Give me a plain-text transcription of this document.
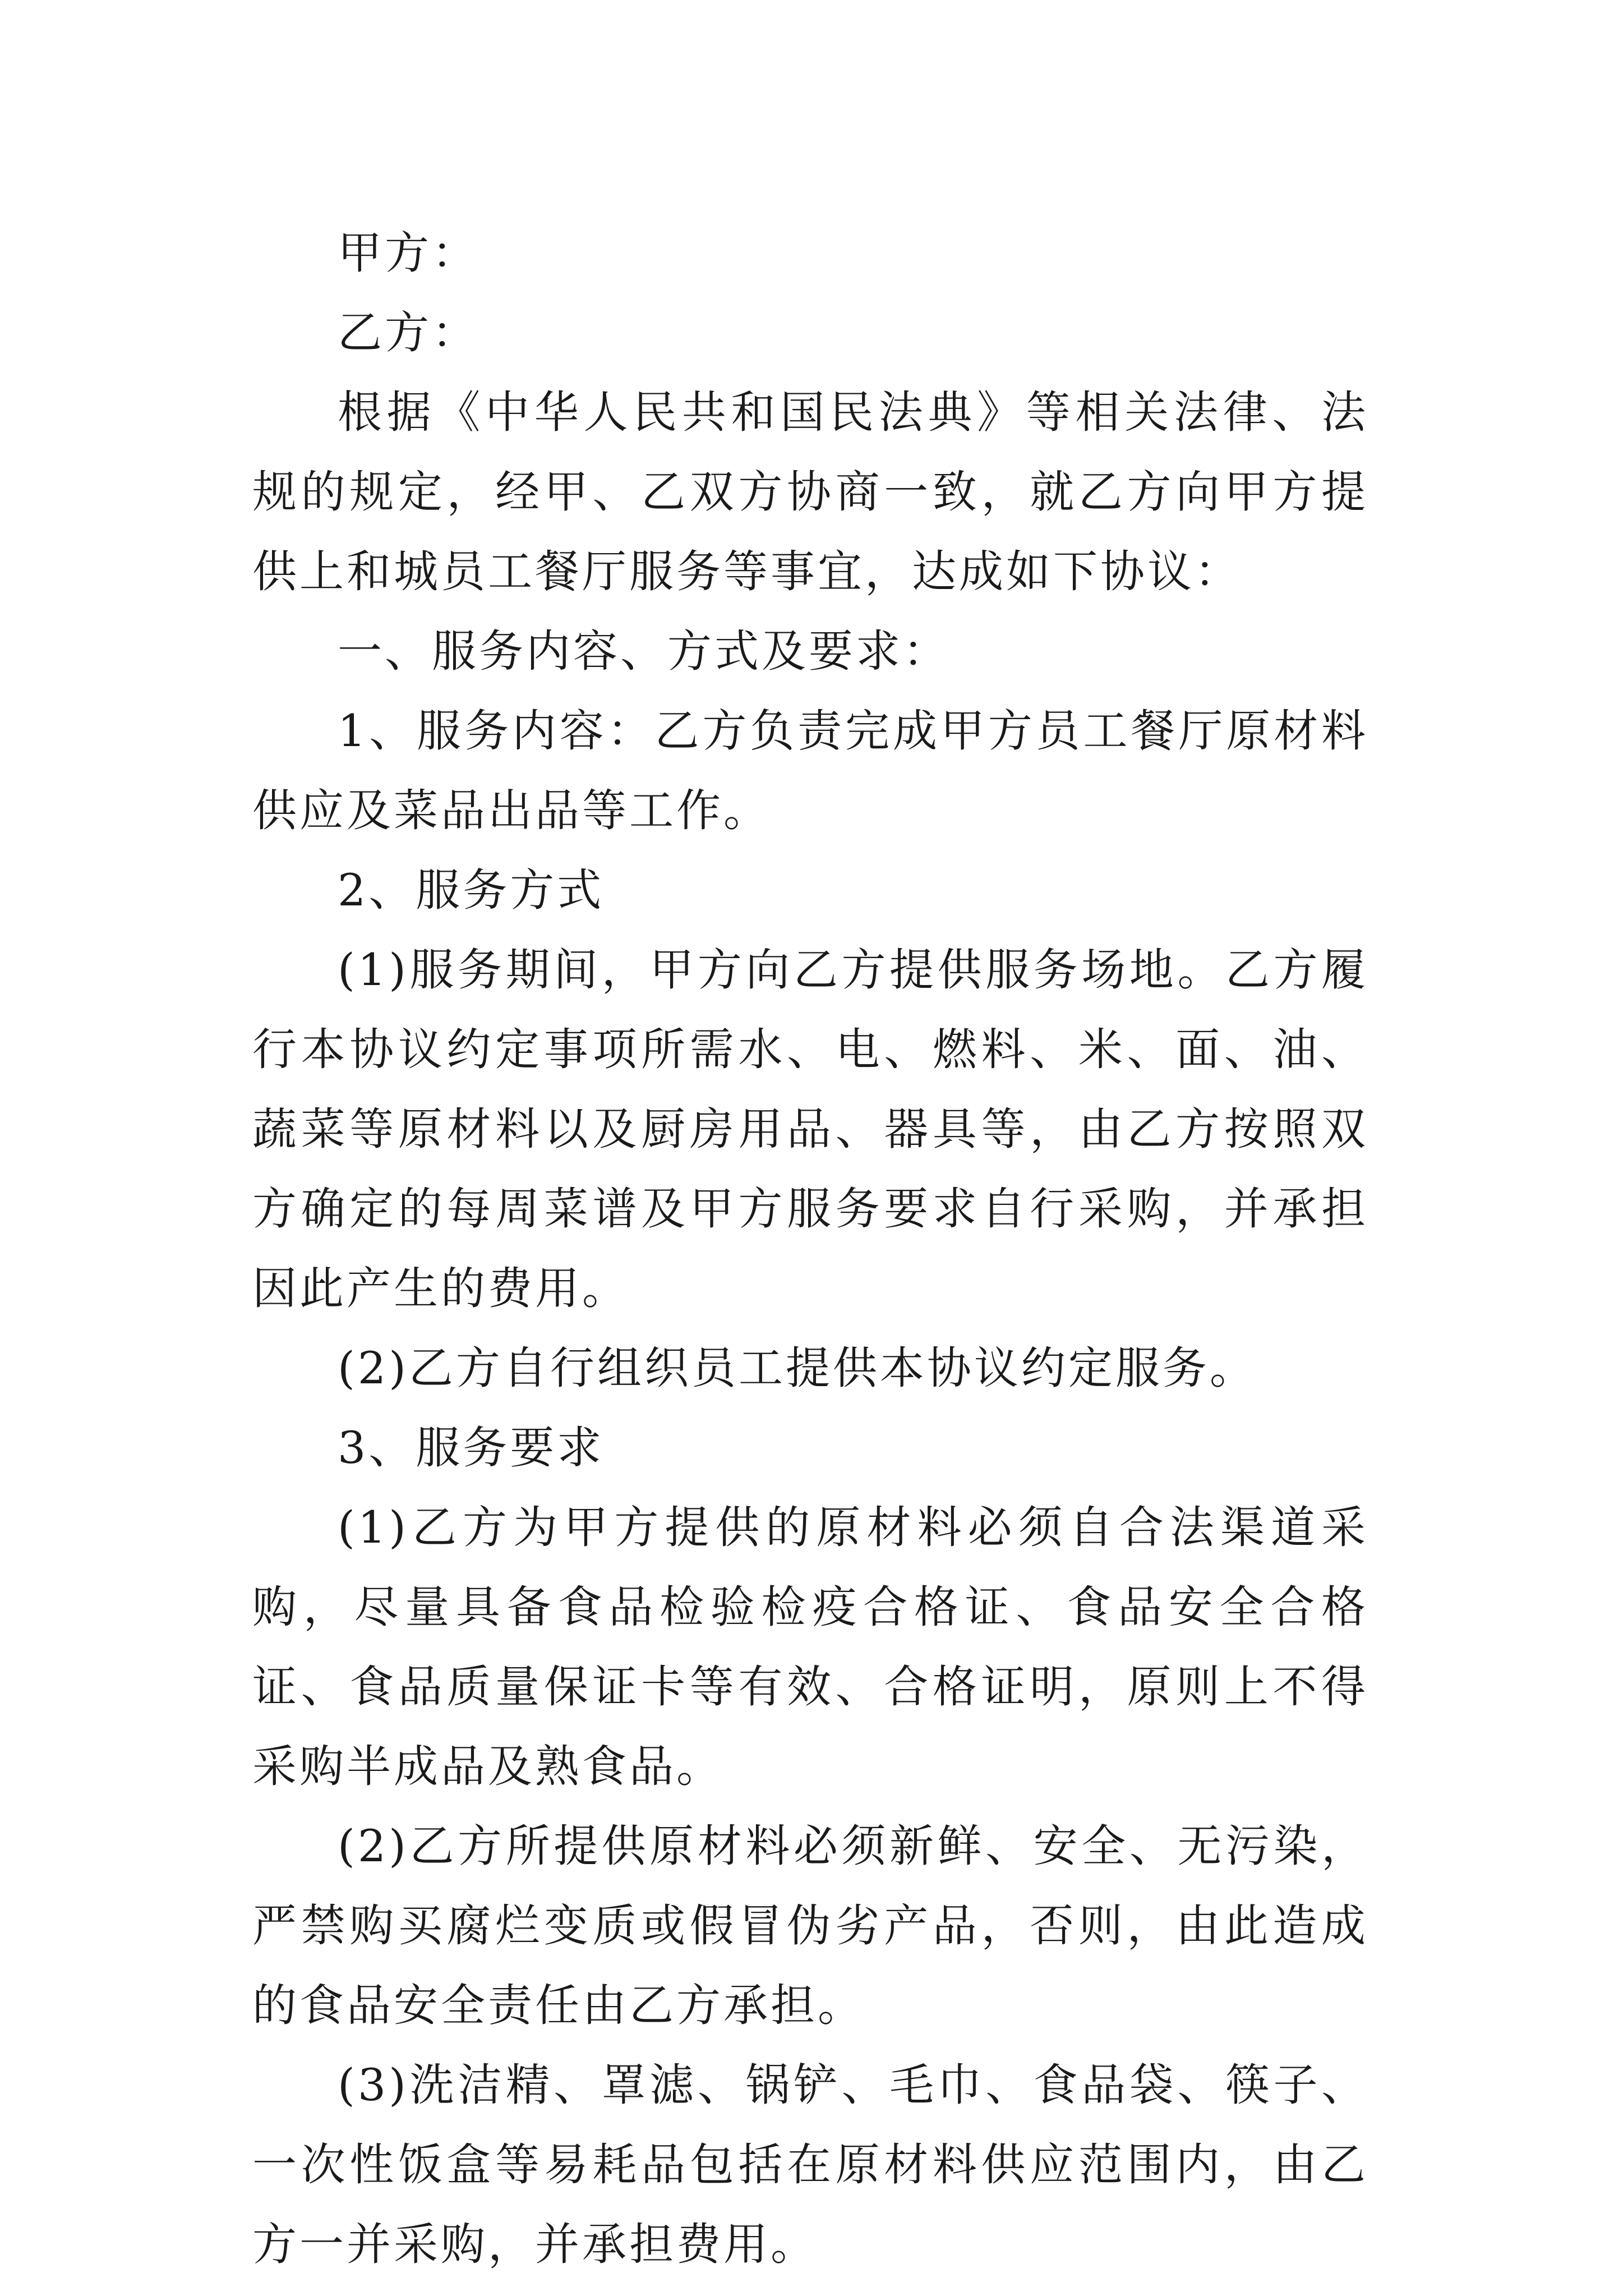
甲方：

乙方：

根据《中华人民共和国民法典》等相关法律、法规的规定，经甲、乙双方协商一致，就乙方向甲方提供上和城员工餐厅服务等事宜，达成如下协议：

一、服务内容、方式及要求：

1、服务内容：乙方负责完成甲方员工餐厅原材料供应及菜品出品等工作。

2、服务方式

(1)服务期间，甲方向乙方提供服务场地。乙方履行本协议约定事项所需水、电、燃料、米、面、油、蔬菜等原材料以及厨房用品、器具等，由乙方按照双方确定的每周菜谱及甲方服务要求自行采购，并承担因此产生的费用。

(2)乙方自行组织员工提供本协议约定服务。

3、服务要求

(1)乙方为甲方提供的原材料必须自合法渠道采购，尽量具备食品检验检疫合格证、食品安全合格证、食品质量保证卡等有效、合格证明，原则上不得采购半成品及熟食品。

(2)乙方所提供原材料必须新鲜、安全、无污染，严禁购买腐烂变质或假冒伪劣产品，否则，由此造成的食品安全责任由乙方承担。

(3)洗洁精、罩滤、锅铲、毛巾、食品袋、筷子、一次性饭盒等易耗品包括在原材料供应范围内，由乙方一并采购，并承担费用。
